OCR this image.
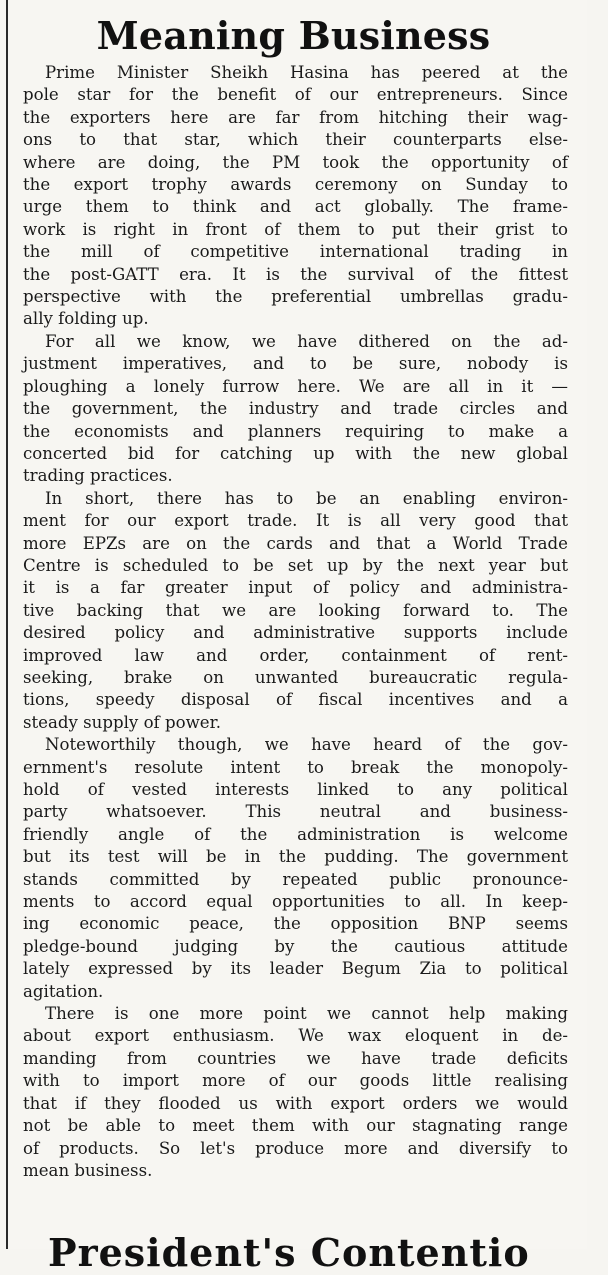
Meaning Business
Prime Minister Sheikh Hasina has peered at the
pole star for the benefit of our entrepreneurs. Since
the exporters here are far from hitching their wag-
ons to that star, which their counterparts else-
where are doing, the PM took the opportunity of
the export trophy awards ceremony on Sunday to
urge them to think and act globally. The frame-
work is right in front of them to put their grist to
the mill of competitive international trading in
the post-GATT era. It is the survival of the fittest
perspective with the preferential umbrellas gradu-
ally folding up.
For all we know, we have dithered on the ad-
justment imperatives, and to be sure, nobody is
ploughing a lonely furrow here. We are all in it —
the government, the industry and trade circles and
the economists and planners requiring to make a
concerted bid for catching up with the new global
trading practices.
In short, there has to be an enabling environ-
ment for our export trade. It is all very good that
more EPZs are on the cards and that a World Trade
Centre is scheduled to be set up by the next year but
it is a far greater input of policy and administra-
tive backing that we are looking forward to. The
desired policy and administrative supports include
improved law and order, containment of rent-
seeking, brake on unwanted bureaucratic regula-
tions, speedy disposal of fiscal incentives and a
steady supply of power.
Noteworthily though, we have heard of the gov-
ernment's resolute intent to break the monopoly-
hold of vested interests linked to any political
party whatsoever. This neutral and business-
friendly angle of the administration is welcome
but its test will be in the pudding. The government
stands committed by repeated public pronounce-
ments to accord equal opportunities to all. In keep-
ing economic peace, the opposition BNP seems
pledge-bound judging by the cautious attitude
lately expressed by its leader Begum Zia to political
agitation.
There is one more point we cannot help making
about export enthusiasm. We wax eloquent in de-
manding from countries we have trade deficits
with to import more of our goods little realising
that if they flooded us with export orders we would
not be able to meet them with our stagnating range
of products. So let's produce more and diversify to
mean business.
President's Contentio
